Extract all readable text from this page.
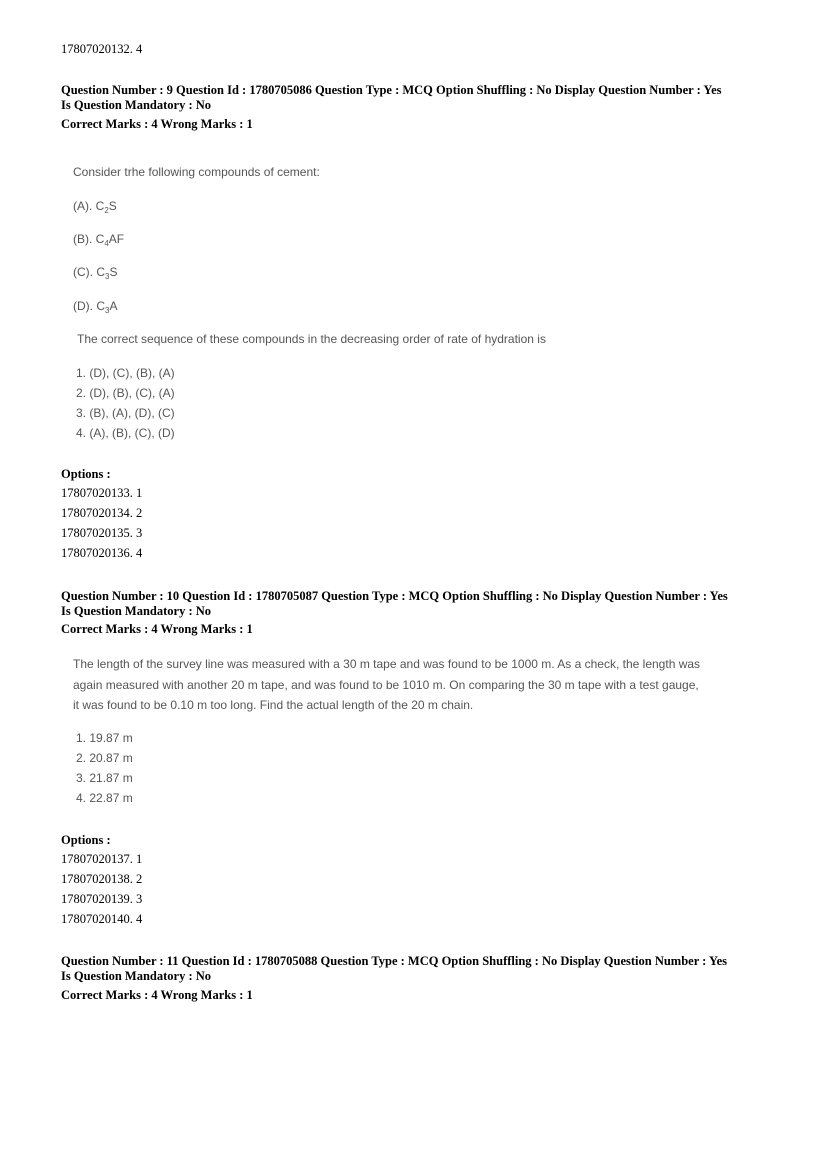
17807020132. 4
Question Number : 9 Question Id : 1780705086 Question Type : MCQ Option Shuffling : No Display Question Number : Yes
Is Question Mandatory : No
Correct Marks : 4 Wrong Marks : 1
Consider trhe following compounds of cement:
(A). $C_2S$
(B). $C_4AF$
(C). $C_3S$
(D). $C_3A$
The correct sequence of these compounds in the decreasing order of rate of hydration is
1. (D), (C), (B), (A)
2. (D), (B), (C), (A)
3. (B), (A), (D), (C)
4. (A), (B), (C), (D)
Options :
17807020133. 1
17807020134. 2
17807020135. 3
17807020136. 4
Question Number : 10 Question Id : 1780705087 Question Type : MCQ Option Shuffling : No Display Question Number : Yes
Is Question Mandatory : No
Correct Marks : 4 Wrong Marks : 1
The length of the survey line was measured with a 30 m tape and was found to be 1000 m. As a check, the length was
again measured with another 20 m tape, and was found to be 1010 m. On comparing the 30 m tape with a test gauge,
it was found to be 0.10 m too long. Find the actual length of the 20 m chain.
1. 19.87 m
2. 20.87 m
3. 21.87 m
4. 22.87 m
Options :
17807020137. 1
17807020138. 2
17807020139. 3
17807020140. 4
Question Number : 11 Question Id : 1780705088 Question Type : MCQ Option Shuffling : No Display Question Number : Yes
Is Question Mandatory : No
Correct Marks : 4 Wrong Marks : 1
